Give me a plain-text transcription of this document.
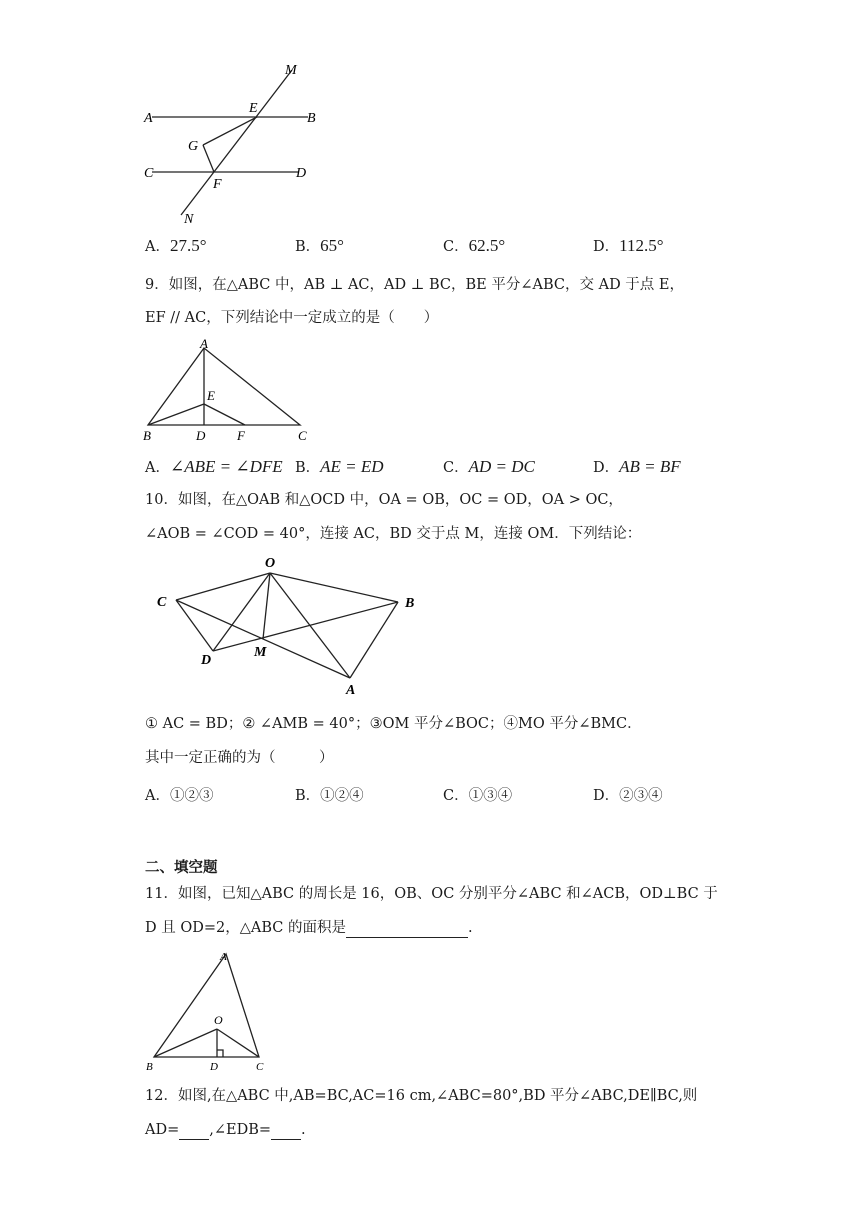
M
A
E
B
G
C
F
D
N
A．27.5°	B．65°	C．62.5°	D．112.5°
9．如图，在△ABC 中，AB ⊥ AC，AD ⊥ BC，BE 平分∠ABC，交 AD 于点 E，
EF // AC，下列结论中一定成立的是（　　）
A
E
B	D F	C
A．∠ABE = ∠DFE B．AE = ED	C．AD = DC	D．AB = BF
10．如图，在△OAB 和△OCD 中，OA = OB，OC = OD，OA > OC，
∠AOB = ∠COD = 40°，连接 AC，BD 交于点 M，连接 OM．下列结论：
O
C	B
D
M
A
① AC = BD；② ∠AMB = 40°；③OM 平分∠BOC；④MO 平分∠BMC．
其中一定正确的为（　　　）
A．①②③	B．①②④	C．①③④	D．②③④
二、填空题
11．如图，已知△ABC 的周长是 16，OB、OC 分别平分∠ABC 和∠ACB，OD⊥BC 于
D 且 OD=2，△ABC 的面积是	.
A
O
B	D	C
12．如图,在△ABC 中,AB=BC,AC=16 cm,∠ABC=80°,BD 平分∠ABC,DE∥BC,则
AD= ,∠EDB= .
